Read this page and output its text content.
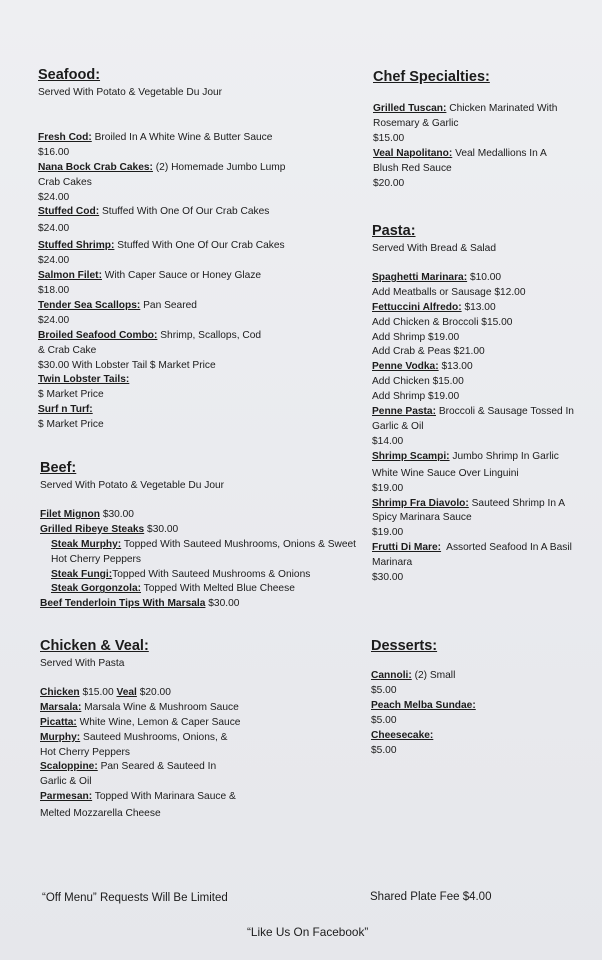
Seafood:
Served With Potato & Vegetable Du Jour
Fresh Cod: Broiled In A White Wine & Butter Sauce
$16.00
Nana Bock Crab Cakes: (2) Homemade Jumbo Lump
Crab Cakes
$24.00
Stuffed Cod: Stuffed With One Of Our Crab Cakes
$24.00
Stuffed Shrimp: Stuffed With One Of Our Crab Cakes
$24.00
Salmon Filet: With Caper Sauce or Honey Glaze
$18.00
Tender Sea Scallops: Pan Seared
$24.00
Broiled Seafood Combo: Shrimp, Scallops, Cod
& Crab Cake
$30.00 With Lobster Tail $ Market Price
Twin Lobster Tails:
$ Market Price
Surf n Turf:
$ Market Price
Beef:
Served With Potato & Vegetable Du Jour
Filet Mignon $30.00
Grilled Ribeye Steaks $30.00
Steak Murphy: Topped With Sauteed Mushrooms, Onions & Sweet
Hot Cherry Peppers
Steak Fungi:Topped With Sauteed Mushrooms & Onions
Steak Gorgonzola: Topped With Melted Blue Cheese
Beef Tenderloin Tips With Marsala $30.00
Chicken & Veal:
Served With Pasta
Chicken $15.00 Veal $20.00
Marsala: Marsala Wine & Mushroom Sauce
Picatta: White Wine, Lemon & Caper Sauce
Murphy: Sauteed Mushrooms, Onions, &
Hot Cherry Peppers
Scaloppine: Pan Seared & Sauteed In
Garlic & Oil
Parmesan: Topped With Marinara Sauce &
Melted Mozzarella Cheese
Chef Specialties:
Grilled Tuscan: Chicken Marinated With
Rosemary & Garlic
$15.00
Veal Napolitano: Veal Medallions In A
Blush Red Sauce
$20.00
Pasta:
Served With Bread & Salad
Spaghetti Marinara: $10.00
Add Meatballs or Sausage $12.00
Fettuccini Alfredo: $13.00
Add Chicken & Broccoli $15.00
Add Shrimp $19.00
Add Crab & Peas $21.00
Penne Vodka: $13.00
Add Chicken $15.00
Add Shrimp $19.00
Penne Pasta: Broccoli & Sausage Tossed In
Garlic & Oil
$14.00
Shrimp Scampi: Jumbo Shrimp In Garlic
White Wine Sauce Over Linguini
$19.00
Shrimp Fra Diavolo: Sauteed Shrimp In A
Spicy Marinara Sauce
$19.00
Frutti Di Mare:  Assorted Seafood In A Basil
Marinara
$30.00
Desserts:
Cannoli: (2) Small
$5.00
Peach Melba Sundae:
$5.00
Cheesecake:
$5.00
“Off Menu” Requests Will Be Limited	Shared Plate Fee $4.00
“Like Us On Facebook”
